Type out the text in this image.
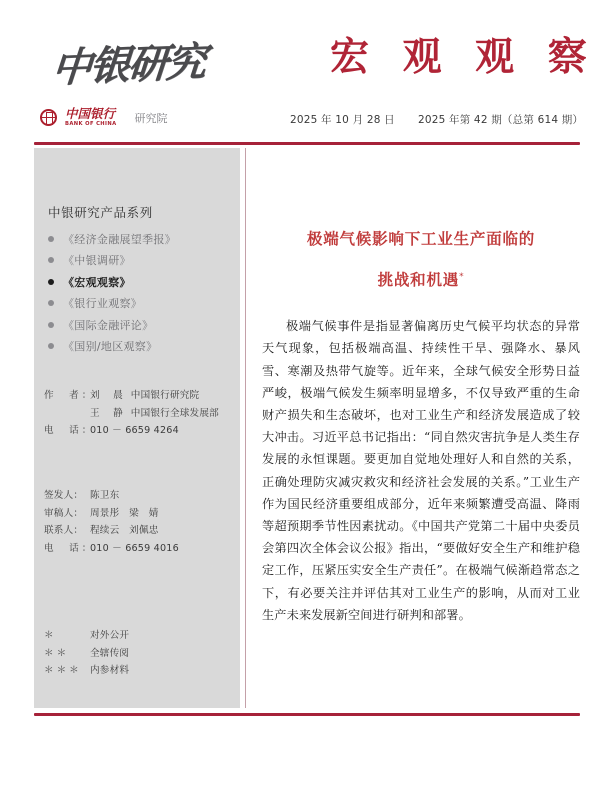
中银研究	宏 观 观 察
中国银行
BANK OF CHINA 研究院	2025 年 10 月 28 日 2025 年第 42 期（总第 614 期）
中银研究产品系列
《经济金融展望季报》
《中银调研》
《宏观观察》
《银行业观察》
《国际金融评论》
《国别/地区观察》
作　者：
刘　晨 中国银行研究院
王　静 中国银行全球发展部
电　话：
010 － 6659 4264
签发人： 陈卫东
审稿人： 周景彤　梁　婧
联系人： 程续云　刘佩忠
电　话：
010 － 6659 4016
＊	对外公开
＊＊	全辖传阅
＊＊＊ 内参材料
极端气候影响下工业生产面临的
挑战和机遇*

极端气候事件是指显著偏离历史气候平均状态的异常天气现象，包括极端高温、持续性干旱、强降水、暴风雪、寒潮及热带气旋等。近年来，全球气候安全形势日益严峻，极端气候发生频率明显增多，不仅导致严重的生命财产损失和生态破坏，也对工业生产和经济发展造成了较大冲击。习近平总书记指出：“同自然灾害抗争是人类生存发展的永恒课题。要更加自觉地处理好人和自然的关系，正确处理防灾减灾救灾和经济社会发展的关系。”工业生产作为国民经济重要组成部分，近年来频繁遭受高温、降雨等超预期季节性因素扰动。《中国共产党第二十届中央委员会第四次全体会议公报》指出，“要做好安全生产和维护稳定工作，压紧压实安全生产责任”。在极端气候渐趋常态之下，有必要关注并评估其对工业生产的影响，从而对工业生产未来发展新空间进行研判和部署。
